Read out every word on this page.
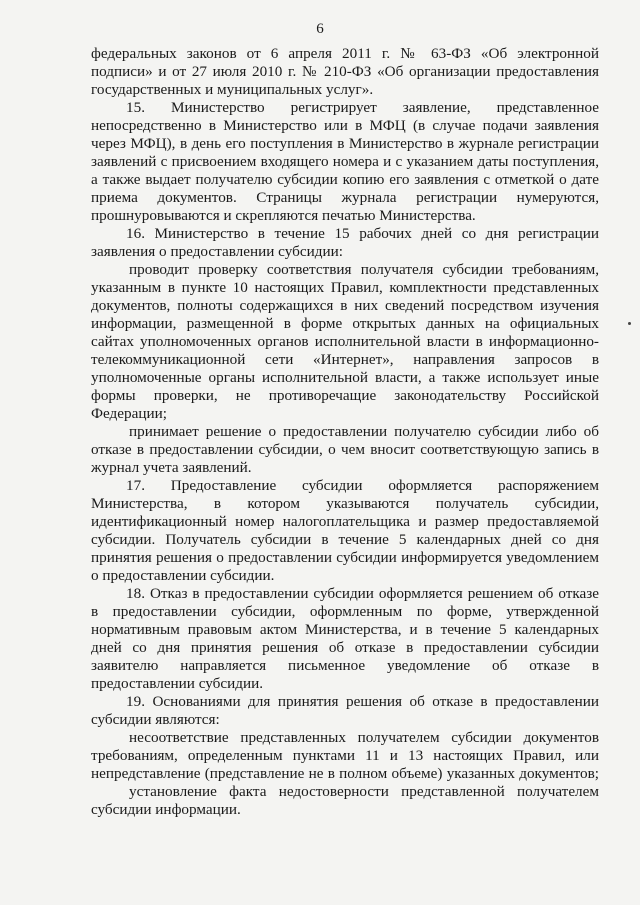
6
федеральных законов от 6 апреля 2011 г. № 63-ФЗ «Об электронной
подписи» и от 27 июля 2010 г. № 210-ФЗ «Об организации предоставления
государственных и муниципальных услуг».
15. Министерство регистрирует заявление, представленное
непосредственно в Министерство или в МФЦ (в случае подачи заявления
через МФЦ), в день его поступления в Министерство в журнале регистрации
заявлений с присвоением входящего номера и с указанием даты поступления,
а также выдает получателю субсидии копию его заявления с отметкой о дате
приема документов. Страницы журнала регистрации нумеруются,
прошнуровываются и скрепляются печатью Министерства.
16. Министерство в течение 15 рабочих дней со дня регистрации
заявления о предоставлении субсидии:
проводит проверку соответствия получателя субсидии требованиям,
указанным в пункте 10 настоящих Правил, комплектности представленных
документов, полноты содержащихся в них сведений посредством изучения
информации, размещенной в форме открытых данных на официальных
сайтах уполномоченных органов исполнительной власти в информационно-
телекоммуникационной сети «Интернет», направления запросов в
уполномоченные органы исполнительной власти, а также использует иные
формы проверки, не противоречащие законодательству Российской
Федерации;
принимает решение о предоставлении получателю субсидии либо об
отказе в предоставлении субсидии, о чем вносит соответствующую запись в
журнал учета заявлений.
17. Предоставление субсидии оформляется распоряжением
Министерства, в котором указываются получатель субсидии,
идентификационный номер налогоплательщика и размер предоставляемой
субсидии. Получатель субсидии в течение 5 календарных дней со дня
принятия решения о предоставлении субсидии информируется уведомлением
о предоставлении субсидии.
18. Отказ в предоставлении субсидии оформляется решением об отказе
в предоставлении субсидии, оформленным по форме, утвержденной
нормативным правовым актом Министерства, и в течение 5 календарных
дней со дня принятия решения об отказе в предоставлении субсидии
заявителю направляется письменное уведомление об отказе в
предоставлении субсидии.
19. Основаниями для принятия решения об отказе в предоставлении
субсидии являются:
несоответствие представленных получателем субсидии документов
требованиям, определенным пунктами 11 и 13 настоящих Правил, или
непредставление (представление не в полном объеме) указанных документов;
установление факта недостоверности представленной получателем
субсидии информации.
